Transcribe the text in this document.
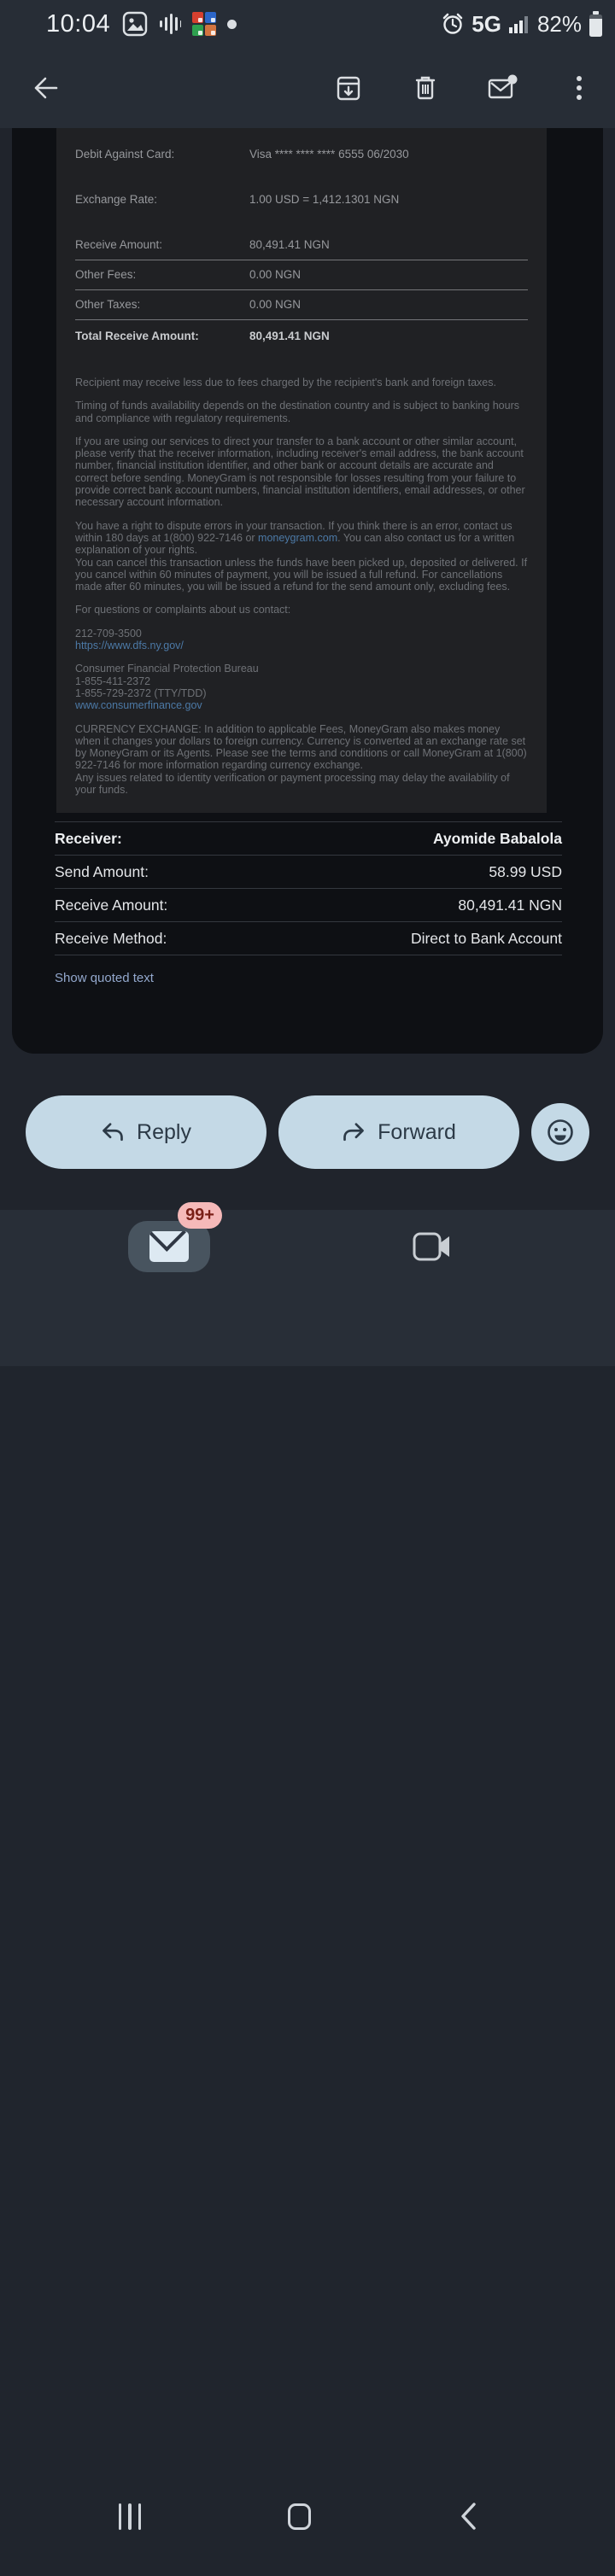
10:04	5G 82%
Debit Against Card:	Visa **** **** **** 6555 06/2030
Exchange Rate:	1.00 USD = 1,412.1301 NGN
Receive Amount:	80,491.41 NGN
Other Fees:	0.00 NGN
Other Taxes:	0.00 NGN
Total Receive Amount:	80,491.41 NGN

Recipient may receive less due to fees charged by the recipient's bank and foreign taxes.

Timing of funds availability depends on the destination country and is subject to banking hours and compliance with regulatory requirements.

If you are using our services to direct your transfer to a bank account or other similar account, please verify that the receiver information, including receiver's email address, the bank account number, financial institution identifier, and other bank or account details are accurate and correct before sending. MoneyGram is not responsible for losses resulting from your failure to provide correct bank account numbers, financial institution identifiers, email addresses, or other necessary account information.

You have a right to dispute errors in your transaction. If you think there is an error, contact us within 180 days at 1(800) 922-7146 or moneygram.com. You can also contact us for a written explanation of your rights.
You can cancel this transaction unless the funds have been picked up, deposited or delivered. If you cancel within 60 minutes of payment, you will be issued a full refund. For cancellations made after 60 minutes, you will be issued a refund for the send amount only, excluding fees.

For questions or complaints about us contact:

212-709-3500
https://www.dfs.ny.gov/

Consumer Financial Protection Bureau
1-855-411-2372
1-855-729-2372 (TTY/TDD)
www.consumerfinance.gov

CURRENCY EXCHANGE: In addition to applicable Fees, MoneyGram also makes money when it changes your dollars to foreign currency. Currency is converted at an exchange rate set by MoneyGram or its Agents. Please see the terms and conditions or call MoneyGram at 1(800) 922-7146 for more information regarding currency exchange.
Any issues related to identity verification or payment processing may delay the availability of your funds.

Receiver:	Ayomide Babalola
Send Amount:	58.99 USD
Receive Amount:	80,491.41 NGN
Receive Method:	Direct to Bank Account
Show quoted text
Reply	Forward
99+
